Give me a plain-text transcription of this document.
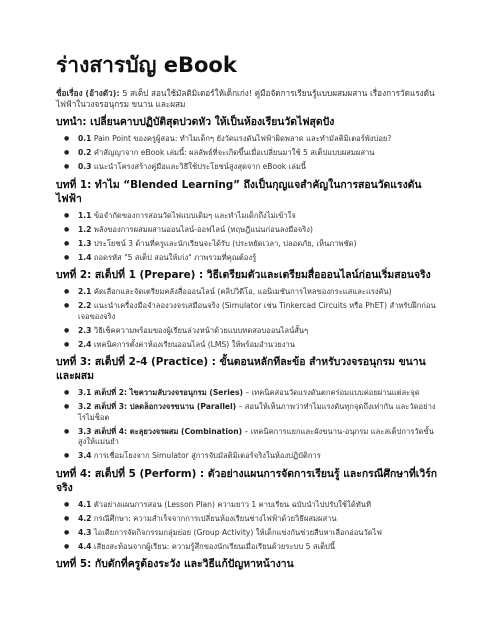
ร่างสารบัญ eBook
ชื่อเรื่อง (อ้างตัว): 5 สเต็ป สอนใช้มัลติมิเตอร์ให้เด็กเก่ง! คู่มือจัดการเรียนรู้แบบผสมผสาน เรื่องการวัดแรงดันไฟฟ้าในวงจรอนุกรม ขนาน และผสม
บทนำ: เปลี่ยนคาบปฏิบัติสุดปวดหัว ให้เป็นห้องเรียนวัดไฟสุดปัง
● 0.1 Pain Point ของครูผู้สอน: ทำไมเด็กๆ ยังวัดแรงดันไฟฟ้าผิดพลาด และทำมัลติมิเตอร์พังบ่อย?
● 0.2 คำสัญญาจาก eBook เล่มนี้: ผลลัพธ์ที่จะเกิดขึ้นเมื่อเปลี่ยนมาใช้ 5 สเต็ปแบบผสมผสาน
● 0.3 แนะนำโครงสร้างคู่มือและวิธีใช้ประโยชน์สูงสุดจาก eBook เล่มนี้
บทที่ 1: ทำไม “Blended Learning” ถึงเป็นกุญแจสำคัญในการสอนวัดแรงดันไฟฟ้า
● 1.1 ข้อจำกัดของการสอนวัดไฟแบบเดิมๆ และทำไมเด็กถึงไม่เข้าใจ
● 1.2 พลังของการผสมผสานออนไลน์-ออฟไลน์ (ทฤษฎีแน่นก่อนลงมือจริง)
● 1.3 ประโยชน์ 3 ด้านที่ครูและนักเรียนจะได้รับ (ประหยัดเวลา, ปลอดภัย, เห็นภาพชัด)
● 1.4 ถอดรหัส "5 สเต็ป สอนให้เก่ง" ภาพรวมที่คุณต้องรู้
บทที่ 2: สเต็ปที่ 1 (Prepare) : วิธีเตรียมตัวและเตรียมสื่อออนไลน์ก่อนเริ่มสอนจริง
● 2.1 คัดเลือกและจัดเตรียมคลังสื่อออนไลน์ (คลิปวิดีโอ, แอนิเมชันการไหลของกระแสและแรงดัน)
● 2.2 แนะนำเครื่องมือจำลองวงจรเสมือนจริง (Simulator เช่น Tinkercad Circuits หรือ PhET) สำหรับฝึกก่อนเจอของจริง
● 2.3 วิธีเช็คความพร้อมของผู้เรียนล่วงหน้าด้วยแบบทดสอบออนไลน์สั้นๆ
● 2.4 เทคนิคการตั้งค่าห้องเรียนออนไลน์ (LMS) ให้พร้อมอำนวยงาน
บทที่ 3: สเต็ปที่ 2-4 (Practice) : ขั้นตอนหลักทีละข้อ สำหรับวงจรอนุกรม ขนาน และผสม
● 3.1 สเต็ปที่ 2: ไขความลับวงจรอนุกรม (Series) – เทคนิคสอนวัดแรงดันตกคร่อมแบบค่อยผ่านแต่ละจุด
● 3.2 สเต็ปที่ 3: ปลดล็อกวงจรขนาน (Parallel) – สอนให้เห็นภาพว่าทำไมแรงดันทุกจุดถึงเท่ากัน และวัดอย่างไรไม่ช็อต
● 3.3 สเต็ปที่ 4: ตะลุยวงจรผสม (Combination) – เทคนิคการแยกและผังขนาน-อนุกรม และสเต็ปการวัดขั้นสูงให้แม่นยำ
● 3.4 การเชื่อมโยงจาก Simulator สู่การจับมัลติมิเตอร์จริงในห้องปฏิบัติการ
บทที่ 4: สเต็ปที่ 5 (Perform) : ตัวอย่างแผนการจัดการเรียนรู้ และกรณีศึกษาที่เวิร์กจริง
● 4.1 ตัวอย่างแผนการสอน (Lesson Plan) ความยาว 1 คาบเรียน ฉบับนำไปปรับใช้ได้ทันที
● 4.2 กรณีศึกษา: ความสำเร็จจากการเปลี่ยนห้องเรียนช่างไฟฟ้าด้วยวิธีผสมผสาน
● 4.3 ไอเดียการจัดกิจกรรมกลุ่มย่อย (Group Activity) ให้เด็กแข่งกันช่วยสืบหาเลือกอ่อนวัดไฟ
● 4.4 เสียงสะท้อนจากผู้เรียน: ความรู้สึกของนักเรียนเมื่อเรียนด้วยระบบ 5 สเต็ปนี้
บทที่ 5: กับดักที่ครูต้องระวัง และวิธีแก้ปัญหาหน้างาน
